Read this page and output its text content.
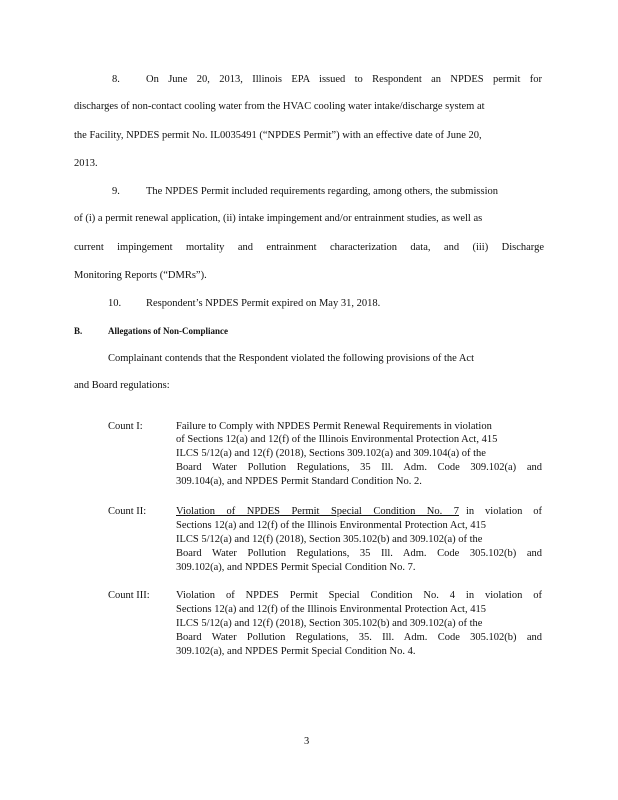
8. On June 20, 2013, Illinois EPA issued to Respondent an NPDES permit for
discharges of non-contact cooling water from the HVAC cooling water intake/discharge system at
the Facility, NPDES permit No. IL0035491 (“NPDES Permit”) with an effective date of June 20,
2013.
9. The NPDES Permit included requirements regarding, among others, the submission
of (i) a permit renewal application, (ii) intake impingement and/or entrainment studies, as well as
current impingement mortality and entrainment characterization data, and (iii) Discharge
Monitoring Reports (“DMRs”).
10. Respondent’s NPDES Permit expired on May 31, 2018.
B.	Allegations of Non-Compliance
Complainant contends that the Respondent violated the following provisions of the Act
and Board regulations:
Count I:	Failure to Comply with NPDES Permit Renewal Requirements in violation
of Sections 12(a) and 12(f) of the Illinois Environmental Protection Act, 415
ILCS 5/12(a) and 12(f) (2018), Sections 309.102(a) and 309.104(a) of the
Board Water Pollution Regulations, 35 Ill. Adm. Code 309.102(a) and
309.104(a), and NPDES Permit Standard Condition No. 2.
Count II:	Violation of NPDES Permit Special Condition No. 7 in violation of
Sections 12(a) and 12(f) of the Illinois Environmental Protection Act, 415
ILCS 5/12(a) and 12(f) (2018), Section 305.102(b) and 309.102(a) of the
Board Water Pollution Regulations, 35 Ill. Adm. Code 305.102(b) and
309.102(a), and NPDES Permit Special Condition No. 7.
Count III:	Violation of NPDES Permit Special Condition No. 4 in violation of
Sections 12(a) and 12(f) of the Illinois Environmental Protection Act, 415
ILCS 5/12(a) and 12(f) (2018), Section 305.102(b) and 309.102(a) of the
Board Water Pollution Regulations, 35. Ill. Adm. Code 305.102(b) and
309.102(a), and NPDES Permit Special Condition No. 4.
3
